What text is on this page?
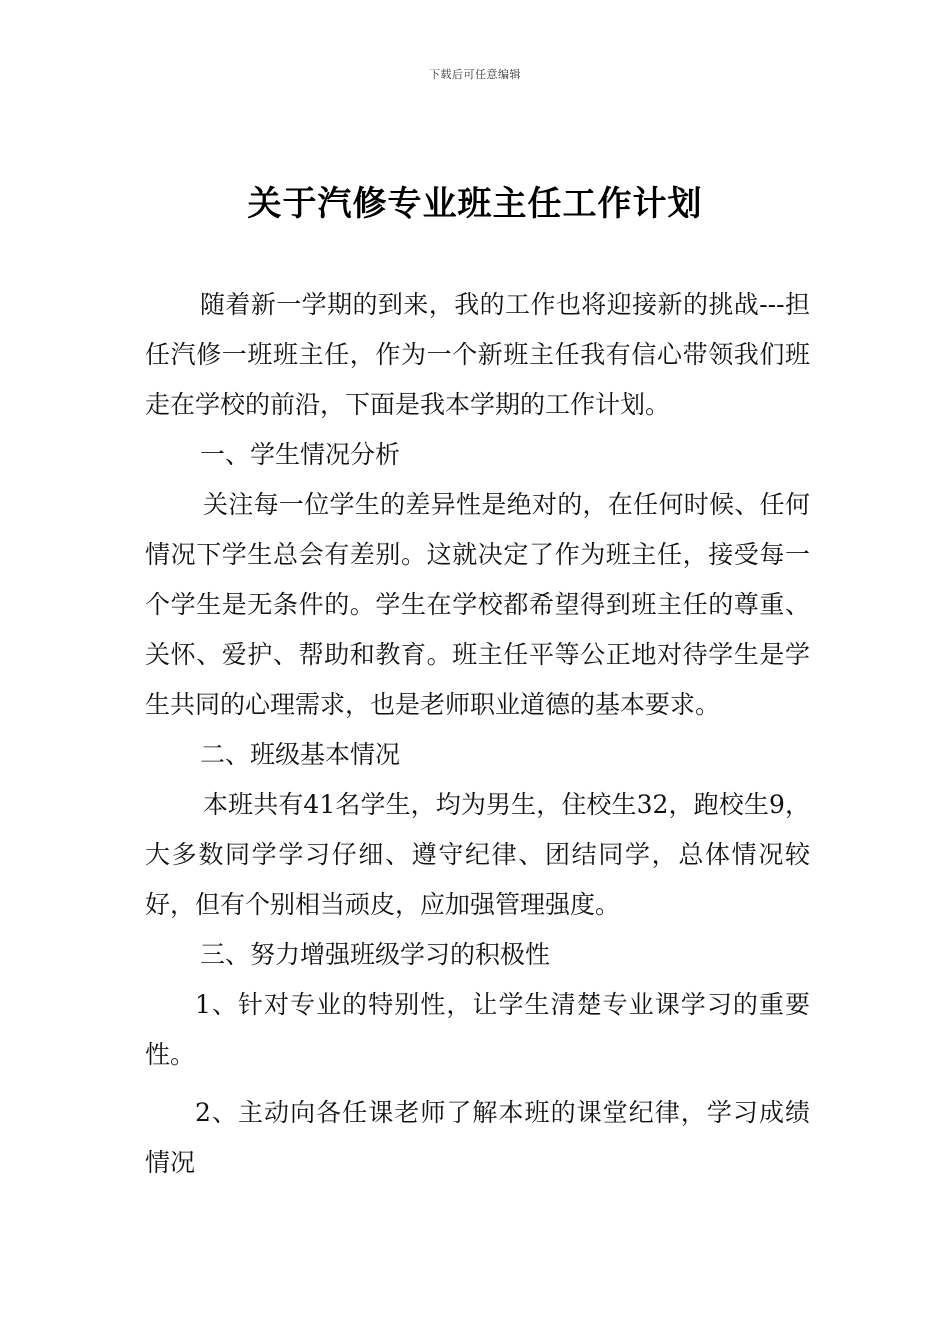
下载后可任意编辑
关于汽修专业班主任工作计划

随着新一学期的到来，我的工作也将迎接新的挑战---担任汽修一班班主任，作为一个新班主任我有信心带领我们班走在学校的前沿，下面是我本学期的工作计划。

一、学生情况分析

关注每一位学生的差异性是绝对的，在任何时候、任何情况下学生总会有差别。这就决定了作为班主任，接受每一个学生是无条件的。学生在学校都希望得到班主任的尊重、关怀、爱护、帮助和教育。班主任平等公正地对待学生是学生共同的心理需求，也是老师职业道德的基本要求。

二、班级基本情况

本班共有41名学生，均为男生，住校生32，跑校生9，大多数同学学习仔细、遵守纪律、团结同学，总体情况较好，但有个别相当顽皮，应加强管理强度。

三、努力增强班级学习的积极性

1、针对专业的特别性，让学生清楚专业课学习的重要性。

2、主动向各任课老师了解本班的课堂纪律，学习成绩情况
